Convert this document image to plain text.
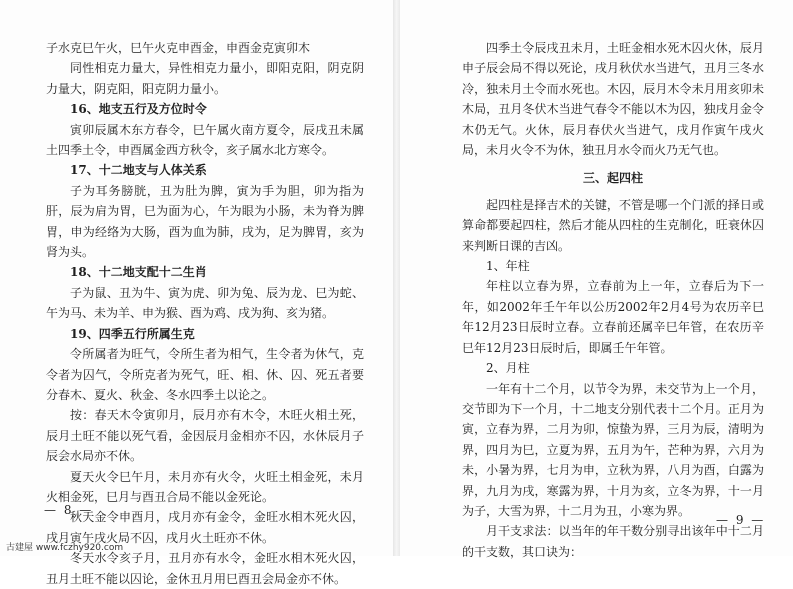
子水克巳午火，巳午火克申酉金，申酉金克寅卯木

同性相克力量大，异性相克力量小，即阳克阳，阴克阴力量大，阴克阳，阳克阴力量小。

16、地支五行及方位时令

寅卯辰属木东方春令，巳午属火南方夏令，辰戌丑未属土四季土令，申酉属金西方秋令，亥子属水北方寒令。

17、十二地支与人体关系

子为耳务膀胱，丑为肚为脾，寅为手为胆，卯为指为肝，辰为肩为胃，巳为面为心，午为眼为小肠，未为脊为脾胃，申为经络为大肠，酉为血为肺，戌为，足为脾胃，亥为肾为头。

18、十二地支配十二生肖

子为鼠、丑为牛、寅为虎、卯为兔、辰为龙、巳为蛇、午为马、未为羊、申为猴、酉为鸡、戌为狗、亥为猪。

19、四季五行所属生克

令所属者为旺气，令所生者为相气，生令者为休气，克令者为囚气，令所克者为死气，旺、相、休、囚、死五者要分春木、夏火、秋金、冬水四季土以论之。

按：春天木令寅卯月，辰月亦有木令，木旺火相土死，辰月土旺不能以死气看，金因辰月金相亦不囚，水休辰月子辰会水局亦不休。

夏天火令巳午月，未月亦有火令，火旺土相金死，未月火相金死，巳月与酉丑合局不能以金死论。

秋天金令申酉月，戌月亦有金令，金旺水相木死火囚，戌月寅午戌火局不囚，戌月火土旺亦不休。

冬天水令亥子月，丑月亦有水令，金旺水相木死火囚，丑月土旺不能以囚论，金休丑月用巳酉丑会局金亦不休。

— 8 —

四季土令辰戌丑未月，土旺金相水死木囚火休，辰月申子辰会局不得以死论，戌月秋伏水当进气，丑月三冬水冷，独未月土令而水死也。木囚，辰月木令未月用亥卯未木局，丑月冬伏木当进气春令不能以木为囚，独戌月金令木仍无气。火休，辰月春伏火当进气，戌月作寅午戌火局，未月火令不为休，独丑月水令而火乃无气也。

三、起四柱

起四柱是择吉术的关键，不管是哪一个门派的择日或算命都要起四柱，然后才能从四柱的生克制化，旺衰休囚来判断日课的吉凶。

1、年柱

年柱以立春为界，立春前为上一年，立春后为下一年，如2002年壬午年以公历2002年2月4号为农历辛巳年12月23日辰时立春。立春前还属辛巳年管，在农历辛巳年12月23日辰时后，即属壬午年管。

2、月柱

一年有十二个月，以节令为界，未交节为上一个月，交节即为下一个月，十二地支分别代表十二个月。正月为寅，立春为界，二月为卯，惊蛰为界，三月为辰，清明为界，四月为巳，立夏为界，五月为午，芒种为界，六月为未，小暑为界，七月为申，立秋为界，八月为酉，白露为界，九月为戌，寒露为界，十月为亥，立冬为界，十一月为子，大雪为界，十二月为丑，小寒为界。

月干支求法：以当年的年干数分别寻出该年中十二月的干支数，其口诀为：

— 9 —
古建屋 www.fczhy920.com
